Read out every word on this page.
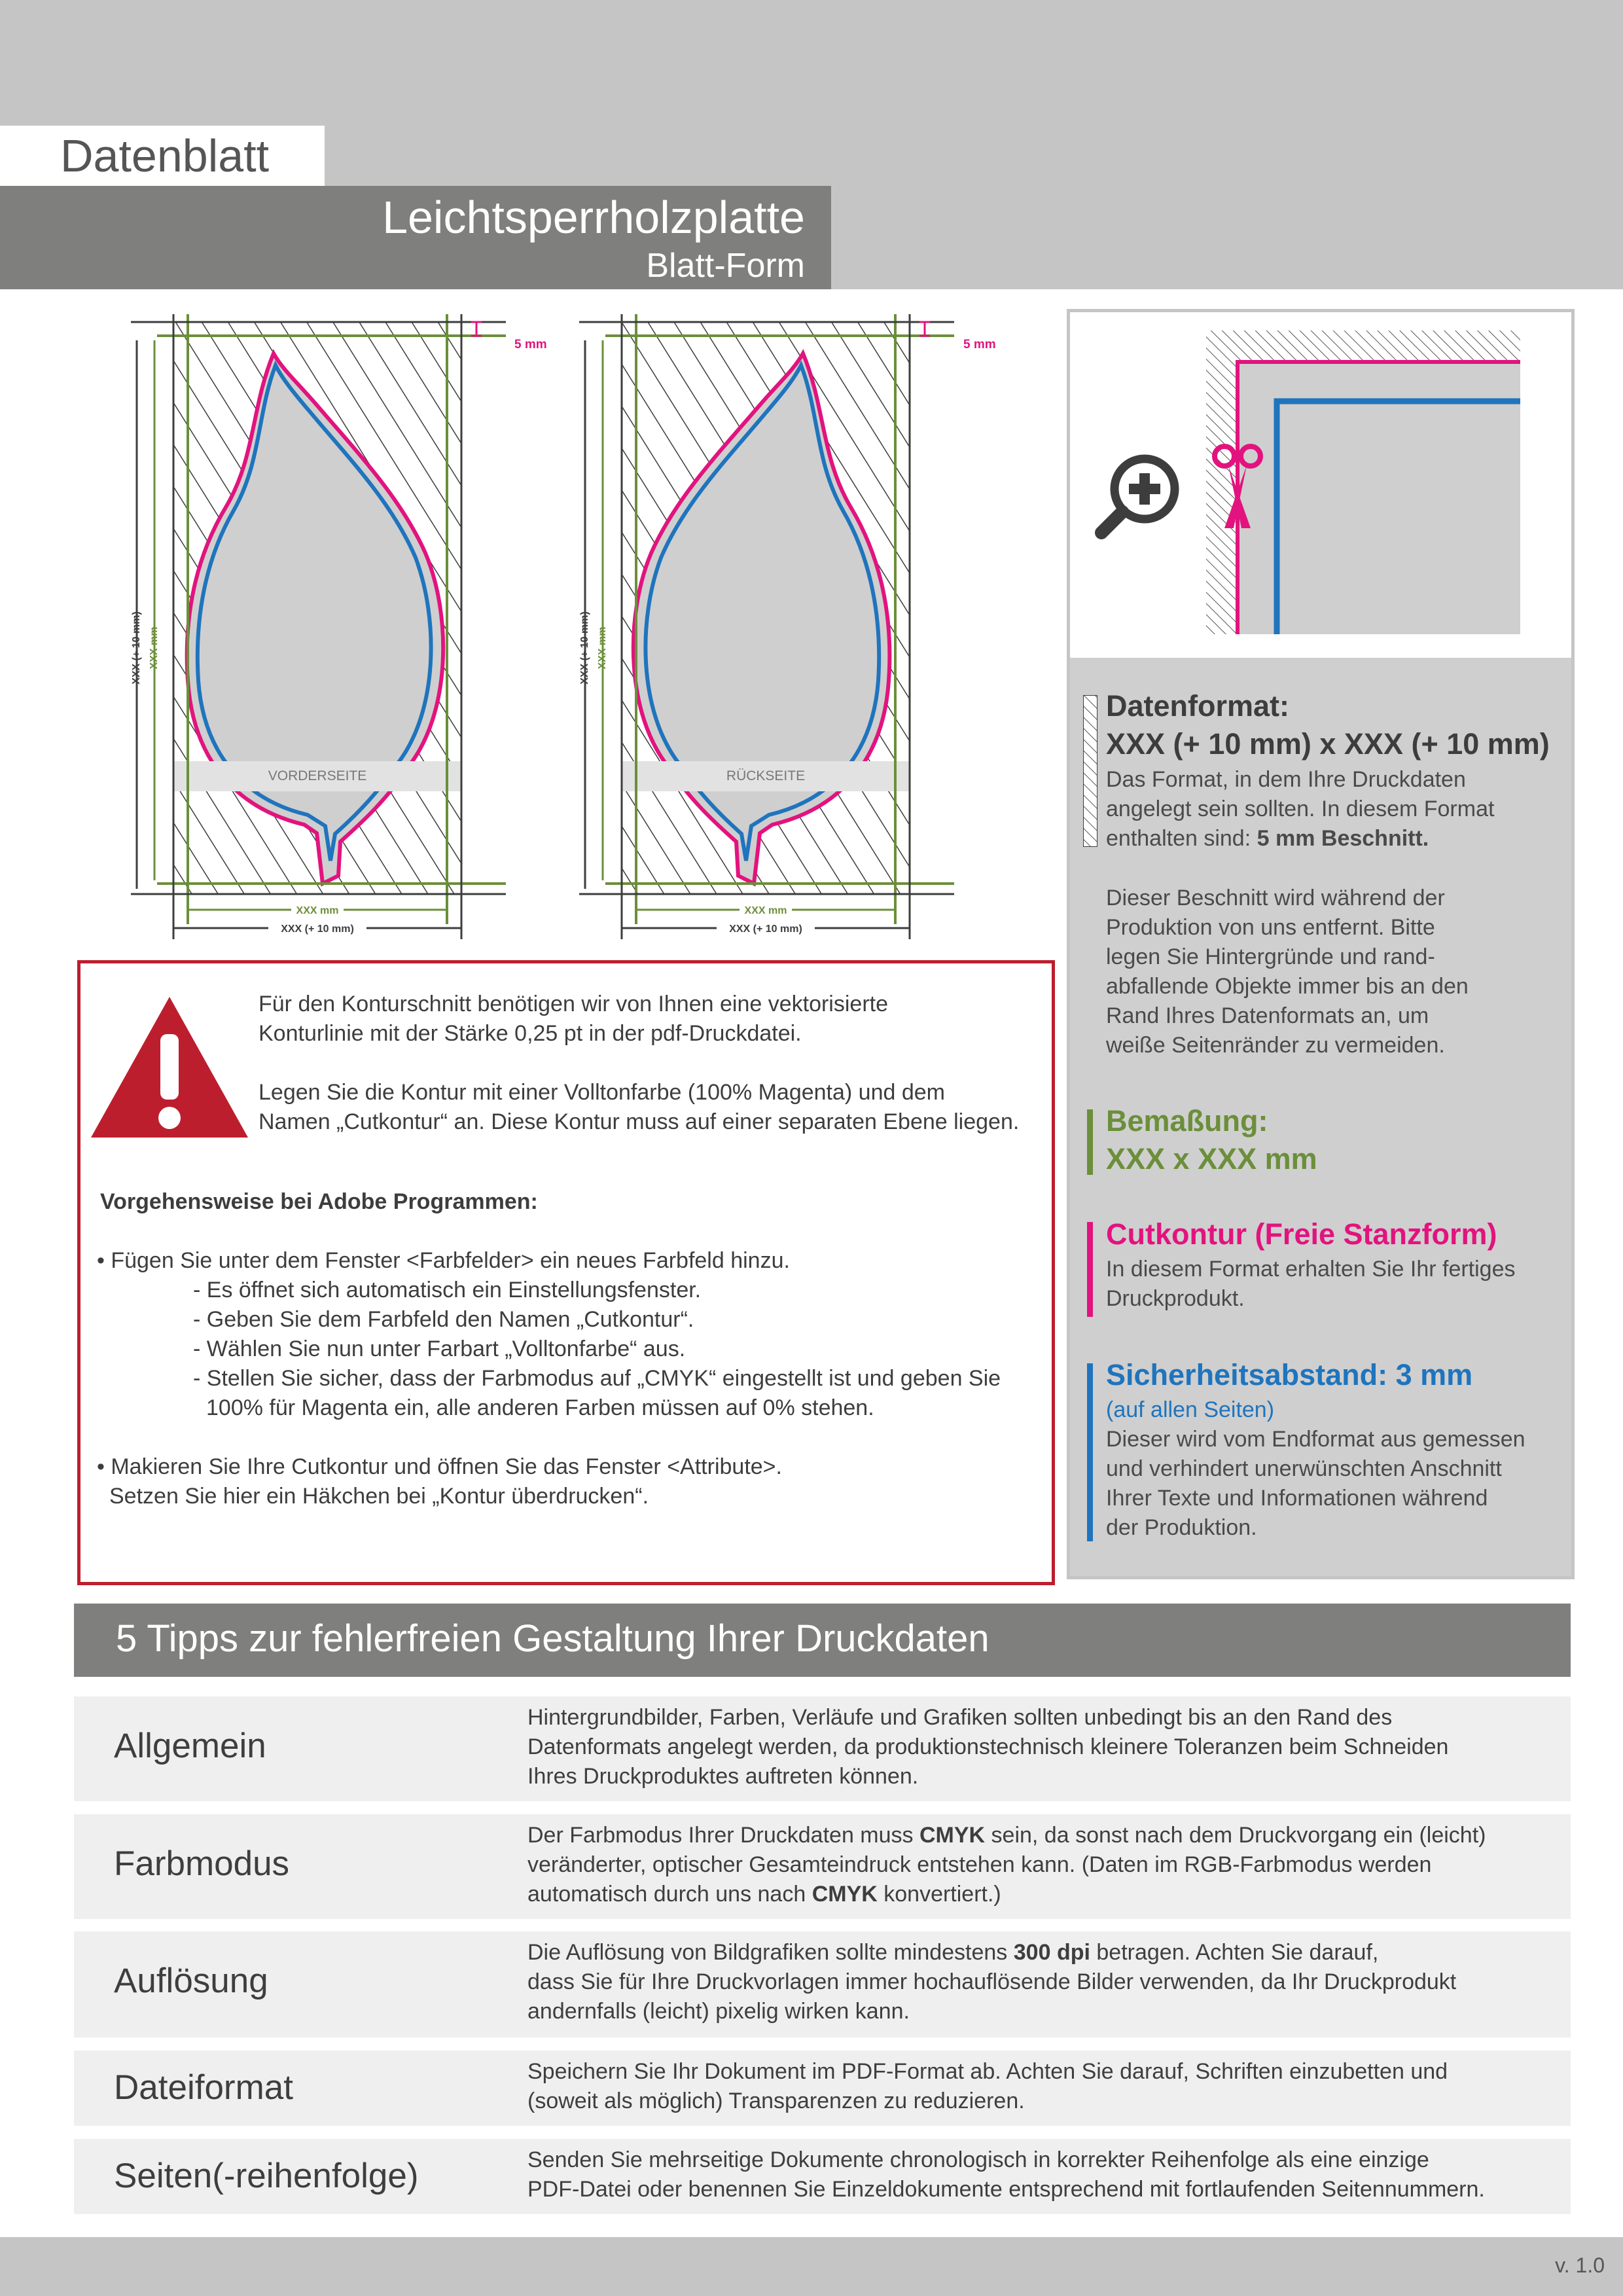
Datenblatt
Leichtsperrholzplatte
Blatt-Form
VORDERSEITE
5 mm
XXX (+ 10 mm) XXX mm
XXX mm
XXX (+ 10 mm)
RÜCKSEITE
5 mm
XXX (+ 10 mm) XXX mm
XXX mm
XXX (+ 10 mm)
Datenformat:
XXX (+ 10 mm) x XXX (+ 10 mm)
Das Format, in dem Ihre Druckdaten
angelegt sein sollten. In diesem Format
enthalten sind: 5 mm Beschnitt.
Dieser Beschnitt wird während der
Produktion von uns entfernt. Bitte
legen Sie Hintergründe und rand-
abfallende Objekte immer bis an den
Rand Ihres Datenformats an, um
weiße Seitenränder zu vermeiden.
Bemaßung:
XXX x XXX mm
Cutkontur (Freie Stanzform)
In diesem Format erhalten Sie Ihr fertiges
Druckprodukt.
Sicherheitsabstand: 3 mm
(auf allen Seiten)
Dieser wird vom Endformat aus gemessen
und verhindert unerwünschten Anschnitt
Ihrer Texte und Informationen während
der Produktion.
Für den Konturschnitt benötigen wir von Ihnen eine vektorisierte
Konturlinie mit der Stärke 0,25 pt in der pdf-Druckdatei.
Legen Sie die Kontur mit einer Volltonfarbe (100% Magenta) und dem
Namen „Cutkontur“ an. Diese Kontur muss auf einer separaten Ebene liegen.
Vorgehensweise bei Adobe Programmen:
• Fügen Sie unter dem Fenster <Farbfelder> ein neues Farbfeld hinzu.
- Es öffnet sich automatisch ein Einstellungsfenster.
- Geben Sie dem Farbfeld den Namen „Cutkontur“.
- Wählen Sie nun unter Farbart „Volltonfarbe“ aus.
- Stellen Sie sicher, dass der Farbmodus auf „CMYK“ eingestellt ist und geben Sie
100% für Magenta ein, alle anderen Farben müssen auf 0% stehen.
• Makieren Sie Ihre Cutkontur und öffnen Sie das Fenster <Attribute>.
Setzen Sie hier ein Häkchen bei „Kontur überdrucken“.
5 Tipps zur fehlerfreien Gestaltung Ihrer Druckdaten
Allgemein
Hintergrundbilder, Farben, Verläufe und Grafiken sollten unbedingt bis an den Rand des
Datenformats angelegt werden, da produktionstechnisch kleinere Toleranzen beim Schneiden
Ihres Druckproduktes auftreten können.
Farbmodus
Der Farbmodus Ihrer Druckdaten muss CMYK sein, da sonst nach dem Druckvorgang ein (leicht)
veränderter, optischer Gesamteindruck entstehen kann. (Daten im RGB-Farbmodus werden
automatisch durch uns nach CMYK konvertiert.)
Auflösung
Die Auflösung von Bildgrafiken sollte mindestens 300 dpi betragen. Achten Sie darauf,
dass Sie für Ihre Druckvorlagen immer hochauflösende Bilder verwenden, da Ihr Druckprodukt
andernfalls (leicht) pixelig wirken kann.
Dateiformat	Speichern Sie Ihr Dokument im PDF-Format ab. Achten Sie darauf, Schriften einzubetten und
(soweit als möglich) Transparenzen zu reduzieren.
Seiten(-reihenfolge)	Senden Sie mehrseitige Dokumente chronologisch in korrekter Reihenfolge als eine einzige
PDF-Datei oder benennen Sie Einzeldokumente entsprechend mit fortlaufenden Seitennummern.
v. 1.0
